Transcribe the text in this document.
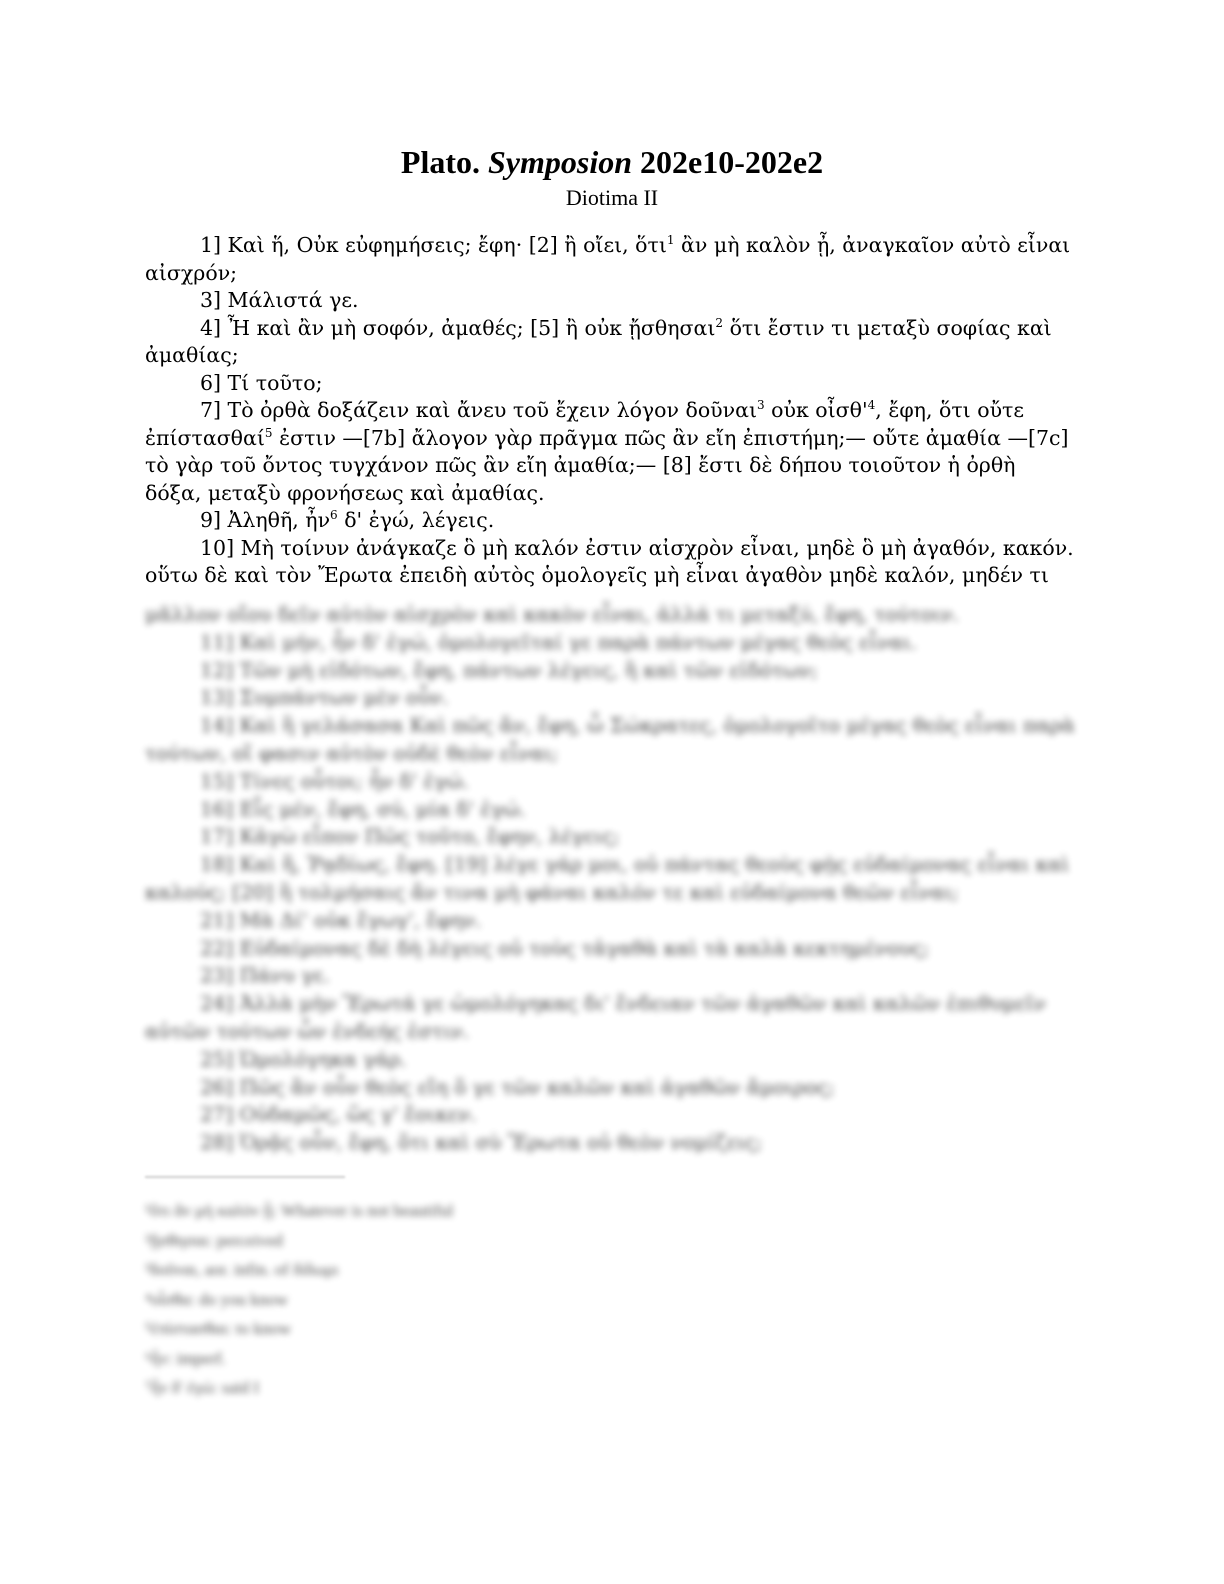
Plato. Symposion 202e10-202e2
Diotima II

1] Καὶ ἥ, Οὐκ εὐφημήσεις; ἔφη· [2] ἢ οἴει, ὅτι$^1$ ἂν μὴ καλὸν ᾖ, ἀναγκαῖον αὐτὸ εἶναι αἰσχρόν;

3] Μάλιστά γε.

4] Ἦ καὶ ἂν μὴ σοφόν, ἀμαθές; [5] ἢ οὐκ ᾔσθησαι$^2$ ὅτι ἔστιν τι μεταξὺ σοφίας καὶ ἀμαθίας;

6] Τί τοῦτο;

7] Τὸ ὀρθὰ δοξάζειν καὶ ἄνευ τοῦ ἔχειν λόγον δοῦναι$^3$ οὐκ $oἶ\sigma\theta'^4$, ἔφη, ὅτι οὔτε ἐπίστασθαί$^5$ ἐστιν —[7b] ἄλογον γὰρ πρᾶγμα πῶς ἂν εἴη ἐπιστήμη;— οὔτε ἀμαθία —[7c] τὸ γὰρ τοῦ ὄντος τυγχάνον πῶς ἂν εἴη ἀμαθία;— [8] ἔστι δὲ δήπου τοιοῦτον ἡ ὀρθὴ δόξα, μεταξὺ φρονήσεως καὶ ἀμαθίας.

9] Ἀληθῆ, ἦν$^6$ δ' ἐγώ, λέγεις.

10] Μὴ τοίνυν ἀνάγκαζε ὃ μὴ καλόν ἐστιν αἰσχρὸν εἶναι, μηδὲ ὃ μὴ ἀγαθόν, κακόν. οὕτω δὲ καὶ τὸν Ἔρωτα ἐπειδὴ αὐτὸς ὁμολογεῖς μὴ εἶναι ἀγαθὸν μηδὲ καλόν, μηδέν τι

μᾶλλον οἴου δεῖν αὐτὸν αἰσχρὸν καὶ κακὸν εἶναι, ἀλλά τι μεταξύ, ἔφη, τούτοιν.

11] Καὶ μήν, ἦν δ' ἐγώ, ὁμολογεῖταί γε παρὰ πάντων μέγας θεὸς εἶναι.

12] Τῶν μὴ εἰδότων, ἔφη, πάντων λέγεις, ἢ καὶ τῶν εἰδότων;

13] Συμπάντων μὲν οὖν.

14] Καὶ ἣ γελάσασα Καὶ πῶς ἄν, ἔφη, ὦ Σώκρατες, ὁμολογοῖτο μέγας θεὸς εἶναι παρὰ τούτων, οἵ φασιν αὐτὸν οὐδὲ θεὸν εἶναι;

15] Τίνες οὗτοι; ἦν δ' ἐγώ.

16] Εἷς μέν, ἔφη, σύ, μία δ' ἐγώ.

17] Κἀγὼ εἶπον Πῶς τοῦτο, ἔφην, λέγεις;

18] Καὶ ἥ, Ῥᾳδίως, ἔφη. [19] λέγε γάρ μοι, οὐ πάντας θεοὺς φῂς εὐδαίμονας εἶναι καὶ καλούς; [20] ἢ τολμήσαις ἄν τινα μὴ φάναι καλόν τε καὶ εὐδαίμονα θεῶν εἶναι;

21] Μὰ Δί' οὐκ ἔγωγ', ἔφην.

22] Εὐδαίμονας δὲ δὴ λέγεις οὐ τοὺς τἀγαθὰ καὶ τὰ καλὰ κεκτημένους;

23] Πάνυ γε.

24] Ἀλλὰ μὴν Ἔρωτά γε ὡμολόγηκας δι' ἔνδειαν τῶν ἀγαθῶν καὶ καλῶν ἐπιθυμεῖν αὐτῶν τούτων ὧν ἐνδεής ἐστιν.

25] Ὡμολόγηκα γάρ.

26] Πῶς ἂν οὖν θεὸς εἴη ὅ γε τῶν καλῶν καὶ ἀγαθῶν ἄμοιρος;

27] Οὐδαμῶς, ὥς γ' ἔοικεν.

28] Ὁρᾷς οὖν, ἔφη, ὅτι καὶ σὺ Ἔρωτα οὐ θεὸν νομίζεις;

¹ὅτι ἂν μὴ καλὸν ᾖ: Whatever is not beautiful

²ᾔσθησαι: perceived

³δοῦναι, aor. infin. of δίδωμι

⁴οἶσθα: do you know

⁵ἐπίστασθαι: to know

⁶ἦν: imperf.

⁷ἦν δ' ἐγώ: said I
